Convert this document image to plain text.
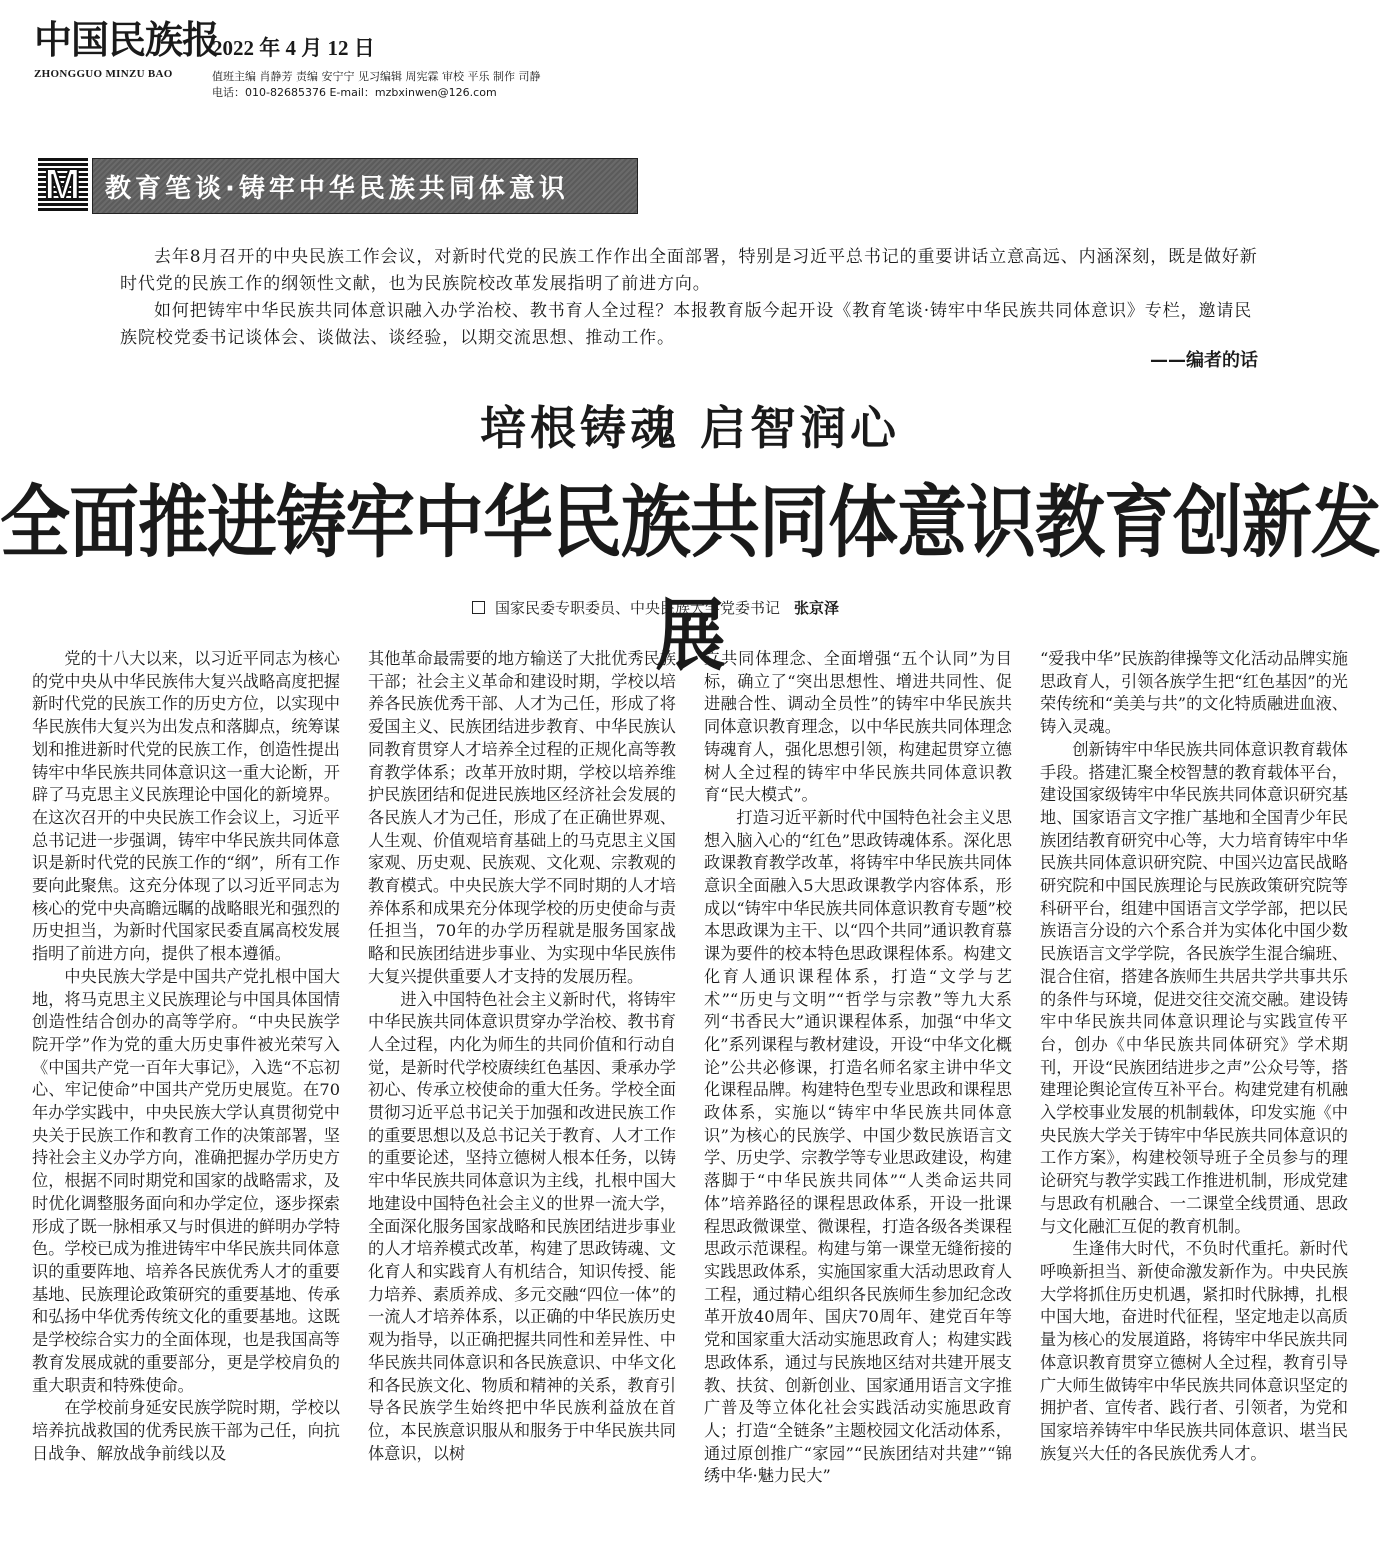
中国民族报
ZHONGGUO MINZU BAO
2022 年 4 月 12 日
值班主编 肖静芳 责编 安宁宁 见习编辑 周宪霖 审校 平乐 制作 司静
电话：010-82685376 E-mail：mzbxinwen@126.com
M 教育笔谈·铸牢中华民族共同体意识

去年8月召开的中央民族工作会议，对新时代党的民族工作作出全面部署，特别是习近平总书记的重要讲话立意高远、内涵深刻，既是做好新时代党的民族工作的纲领性文献，也为民族院校改革发展指明了前进方向。

如何把铸牢中华民族共同体意识融入办学治校、教书育人全过程？本报教育版今起开设《教育笔谈·铸牢中华民族共同体意识》专栏，邀请民族院校党委书记谈体会、谈做法、谈经验，以期交流思想、推动工作。

——编者的话
培根铸魂 启智润心
全面推进铸牢中华民族共同体意识教育创新发展
国家民委专职委员、中央民族大学党委书记 张京泽

党的十八大以来，以习近平同志为核心的党中央从中华民族伟大复兴战略高度把握新时代党的民族工作的历史方位，以实现中华民族伟大复兴为出发点和落脚点，统筹谋划和推进新时代党的民族工作，创造性提出铸牢中华民族共同体意识这一重大论断，开辟了马克思主义民族理论中国化的新境界。在这次召开的中央民族工作会议上，习近平总书记进一步强调，铸牢中华民族共同体意识是新时代党的民族工作的“纲”，所有工作要向此聚焦。这充分体现了以习近平同志为核心的党中央高瞻远瞩的战略眼光和强烈的历史担当，为新时代国家民委直属高校发展指明了前进方向，提供了根本遵循。

中央民族大学是中国共产党扎根中国大地，将马克思主义民族理论与中国具体国情创造性结合创办的高等学府。“中央民族学院开学”作为党的重大历史事件被光荣写入《中国共产党一百年大事记》，入选“不忘初心、牢记使命”中国共产党历史展览。在70年办学实践中，中央民族大学认真贯彻党中央关于民族工作和教育工作的决策部署，坚持社会主义办学方向，准确把握办学历史方位，根据不同时期党和国家的战略需求，及时优化调整服务面向和办学定位，逐步探索形成了既一脉相承又与时俱进的鲜明办学特色。学校已成为推进铸牢中华民族共同体意识的重要阵地、培养各民族优秀人才的重要基地、民族理论政策研究的重要基地、传承和弘扬中华优秀传统文化的重要基地。这既是学校综合实力的全面体现，也是我国高等教育发展成就的重要部分，更是学校肩负的重大职责和特殊使命。

在学校前身延安民族学院时期，学校以培养抗战救国的优秀民族干部为己任，向抗日战争、解放战争前线以及

其他革命最需要的地方输送了大批优秀民族干部；社会主义革命和建设时期，学校以培养各民族优秀干部、人才为己任，形成了将爱国主义、民族团结进步教育、中华民族认同教育贯穿人才培养全过程的正规化高等教育教学体系；改革开放时期，学校以培养维护民族团结和促进民族地区经济社会发展的各民族人才为己任，形成了在正确世界观、人生观、价值观培育基础上的马克思主义国家观、历史观、民族观、文化观、宗教观的教育模式。中央民族大学不同时期的人才培养体系和成果充分体现学校的历史使命与责任担当，70年的办学历程就是服务国家战略和民族团结进步事业、为实现中华民族伟大复兴提供重要人才支持的发展历程。

进入中国特色社会主义新时代，将铸牢中华民族共同体意识贯穿办学治校、教书育人全过程，内化为师生的共同价值和行动自觉，是新时代学校赓续红色基因、秉承办学初心、传承立校使命的重大任务。学校全面贯彻习近平总书记关于加强和改进民族工作的重要思想以及总书记关于教育、人才工作的重要论述，坚持立德树人根本任务，以铸牢中华民族共同体意识为主线，扎根中国大地建设中国特色社会主义的世界一流大学，全面深化服务国家战略和民族团结进步事业的人才培养模式改革，构建了思政铸魂、文化育人和实践育人有机结合，知识传授、能力培养、素质养成、多元交融“四位一体”的一流人才培养体系，以正确的中华民族历史观为指导，以正确把握共同性和差异性、中华民族共同体意识和各民族意识、中华文化和各民族文化、物质和精神的关系，教育引导各民族学生始终把中华民族利益放在首位，本民族意识服从和服务于中华民族共同体意识，以树

立共同体理念、全面增强“五个认同”为目标，确立了“突出思想性、增进共同性、促进融合性、调动全员性”的铸牢中华民族共同体意识教育理念，以中华民族共同体理念铸魂育人，强化思想引领，构建起贯穿立德树人全过程的铸牢中华民族共同体意识教育“民大模式”。

打造习近平新时代中国特色社会主义思想入脑入心的“红色”思政铸魂体系。深化思政课教育教学改革，将铸牢中华民族共同体意识全面融入5大思政课教学内容体系，形成以“铸牢中华民族共同体意识教育专题”校本思政课为主干、以“四个共同”通识教育慕课为要件的校本特色思政课程体系。构建文化育人通识课程体系，打造“文学与艺术”“历史与文明”“哲学与宗教”等九大系列“书香民大”通识课程体系，加强“中华文化”系列课程与教材建设，开设“中华文化概论”公共必修课，打造名师名家主讲中华文化课程品牌。构建特色型专业思政和课程思政体系，实施以“铸牢中华民族共同体意识”为核心的民族学、中国少数民族语言文学、历史学、宗教学等专业思政建设，构建落脚于“中华民族共同体”“人类命运共同体”培养路径的课程思政体系，开设一批课程思政微课堂、微课程，打造各级各类课程思政示范课程。构建与第一课堂无缝衔接的实践思政体系，实施国家重大活动思政育人工程，通过精心组织各民族师生参加纪念改革开放40周年、国庆70周年、建党百年等党和国家重大活动实施思政育人；构建实践思政体系，通过与民族地区结对共建开展支教、扶贫、创新创业、国家通用语言文字推广普及等立体化社会实践活动实施思政育人；打造“全链条”主题校园文化活动体系，通过原创推广“家园”“民族团结对共建”“锦绣中华·魅力民大”

“爱我中华”民族韵律操等文化活动品牌实施思政育人，引领各族学生把“红色基因”的光荣传统和“美美与共”的文化特质融进血液、铸入灵魂。

创新铸牢中华民族共同体意识教育载体手段。搭建汇聚全校智慧的教育载体平台，建设国家级铸牢中华民族共同体意识研究基地、国家语言文字推广基地和全国青少年民族团结教育研究中心等，大力培育铸牢中华民族共同体意识研究院、中国兴边富民战略研究院和中国民族理论与民族政策研究院等科研平台，组建中国语言文学学部，把以民族语言分设的六个系合并为实体化中国少数民族语言文学学院，各民族学生混合编班、混合住宿，搭建各族师生共居共学共事共乐的条件与环境，促进交往交流交融。建设铸牢中华民族共同体意识理论与实践宣传平台，创办《中华民族共同体研究》学术期刊，开设“民族团结进步之声”公众号等，搭建理论舆论宣传互补平台。构建党建有机融入学校事业发展的机制载体，印发实施《中央民族大学关于铸牢中华民族共同体意识的工作方案》，构建校领导班子全员参与的理论研究与教学实践工作推进机制，形成党建与思政有机融合、一二课堂全线贯通、思政与文化融汇互促的教育机制。

生逢伟大时代，不负时代重托。新时代呼唤新担当、新使命激发新作为。中央民族大学将抓住历史机遇，紧扣时代脉搏，扎根中国大地，奋进时代征程，坚定地走以高质量为核心的发展道路，将铸牢中华民族共同体意识教育贯穿立德树人全过程，教育引导广大师生做铸牢中华民族共同体意识坚定的拥护者、宣传者、践行者、引领者，为党和国家培养铸牢中华民族共同体意识、堪当民族复兴大任的各民族优秀人才。
